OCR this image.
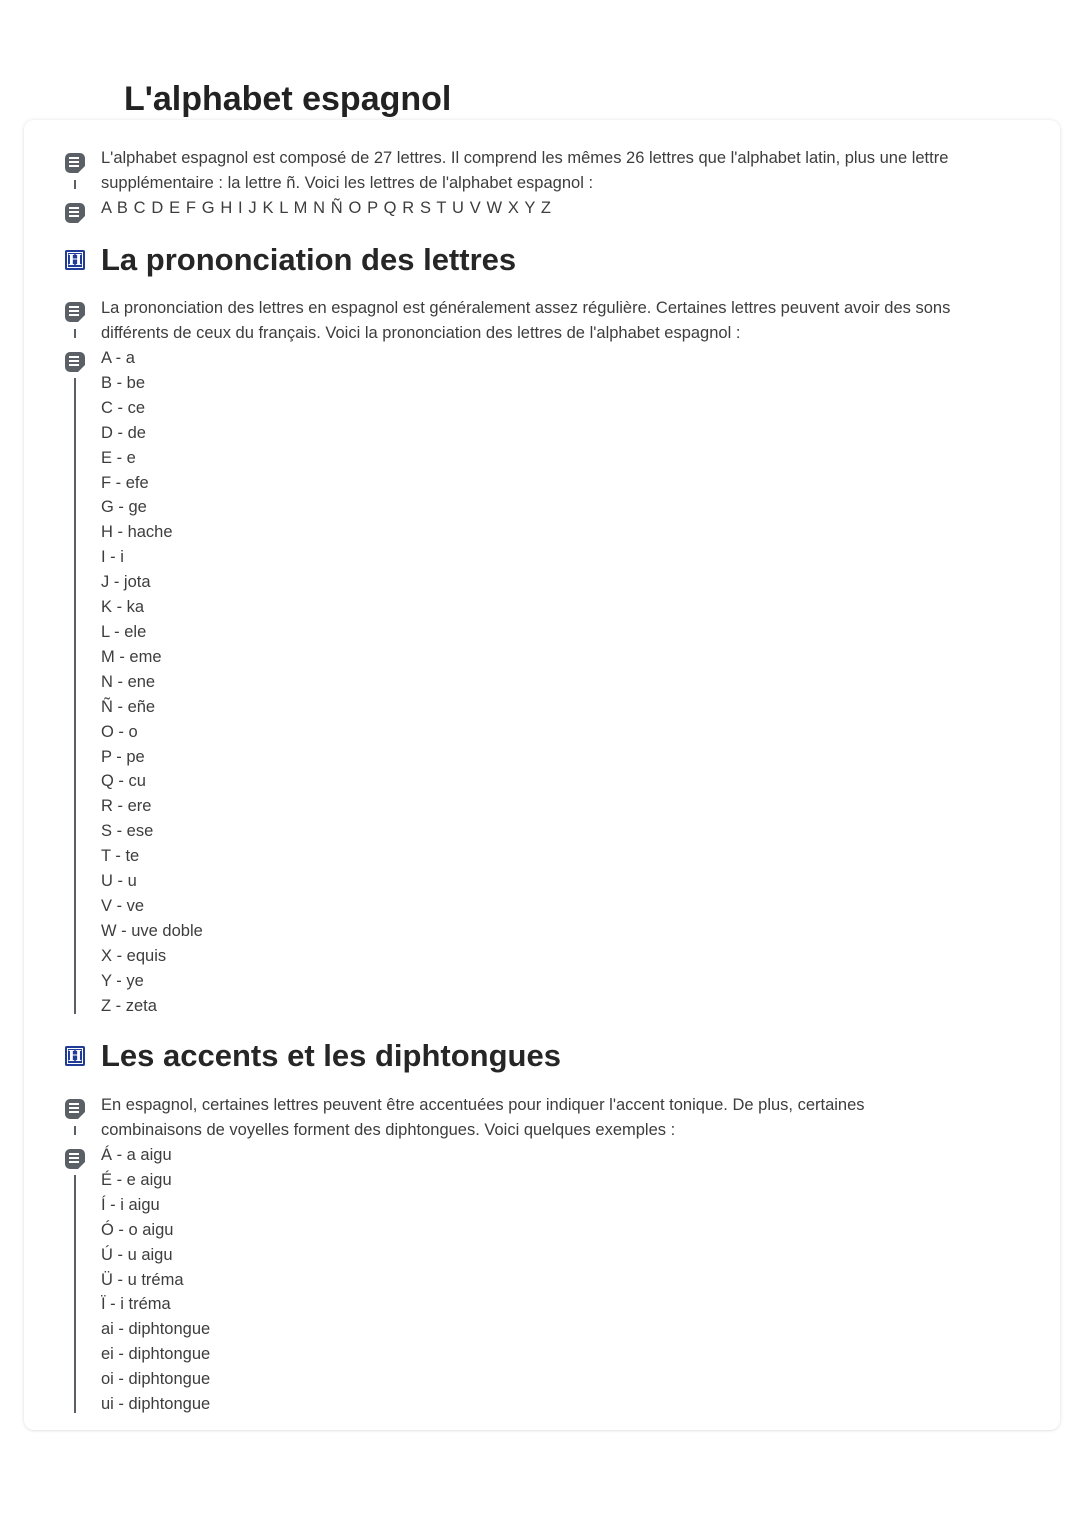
L'alphabet espagnol

L'alphabet espagnol est composé de 27 lettres. Il comprend les mêmes 26 lettres que l'alphabet latin, plus une lettre supplémentaire : la lettre ñ. Voici les lettres de l'alphabet espagnol :

A B C D E F G H I J K L M N Ñ O P Q R S T U V W X Y Z

H La prononciation des lettres

La prononciation des lettres en espagnol est généralement assez régulière. Certaines lettres peuvent avoir des sons différents de ceux du français. Voici la prononciation des lettres de l'alphabet espagnol :

A - a
B - be
C - ce
D - de
E - e
F - efe
G - ge
H - hache
I - i
J - jota
K - ka
L - ele
M - eme
N - ene
Ñ - eñe
O - o
P - pe
Q - cu
R - ere
S - ese
T - te
U - u
V - ve
W - uve doble
X - equis
Y - ye
Z - zeta
H Les accents et les diphtongues

En espagnol, certaines lettres peuvent être accentuées pour indiquer l'accent tonique. De plus, certaines combinaisons de voyelles forment des diphtongues. Voici quelques exemples :

Á - a aigu
É - e aigu
Í - i aigu
Ó - o aigu
Ú - u aigu
Ü - u tréma
Ï - i tréma
ai - diphtongue
ei - diphtongue
oi - diphtongue
ui - diphtongue
